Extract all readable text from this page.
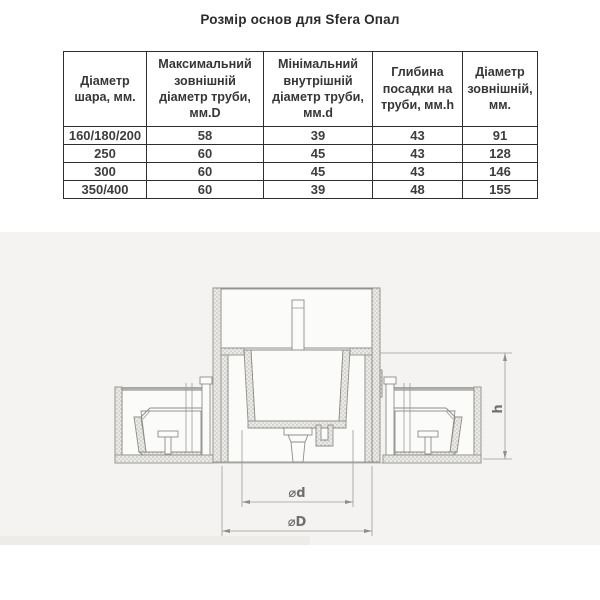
Розмір основ для Sfera Опал
Діаметр шара, мм.	Максимальний зовнішній діаметр труби, мм.D	Мінімальний внутрішній діаметр труби, мм.d	Глибина посадки на труби, мм.h	Діаметр зовнішній, мм.
160/180/200	58	39	43	91
250	60	45	43	128
300	60	45	43	146
350/400	60	39	48	155
h
⌀d
⌀D
